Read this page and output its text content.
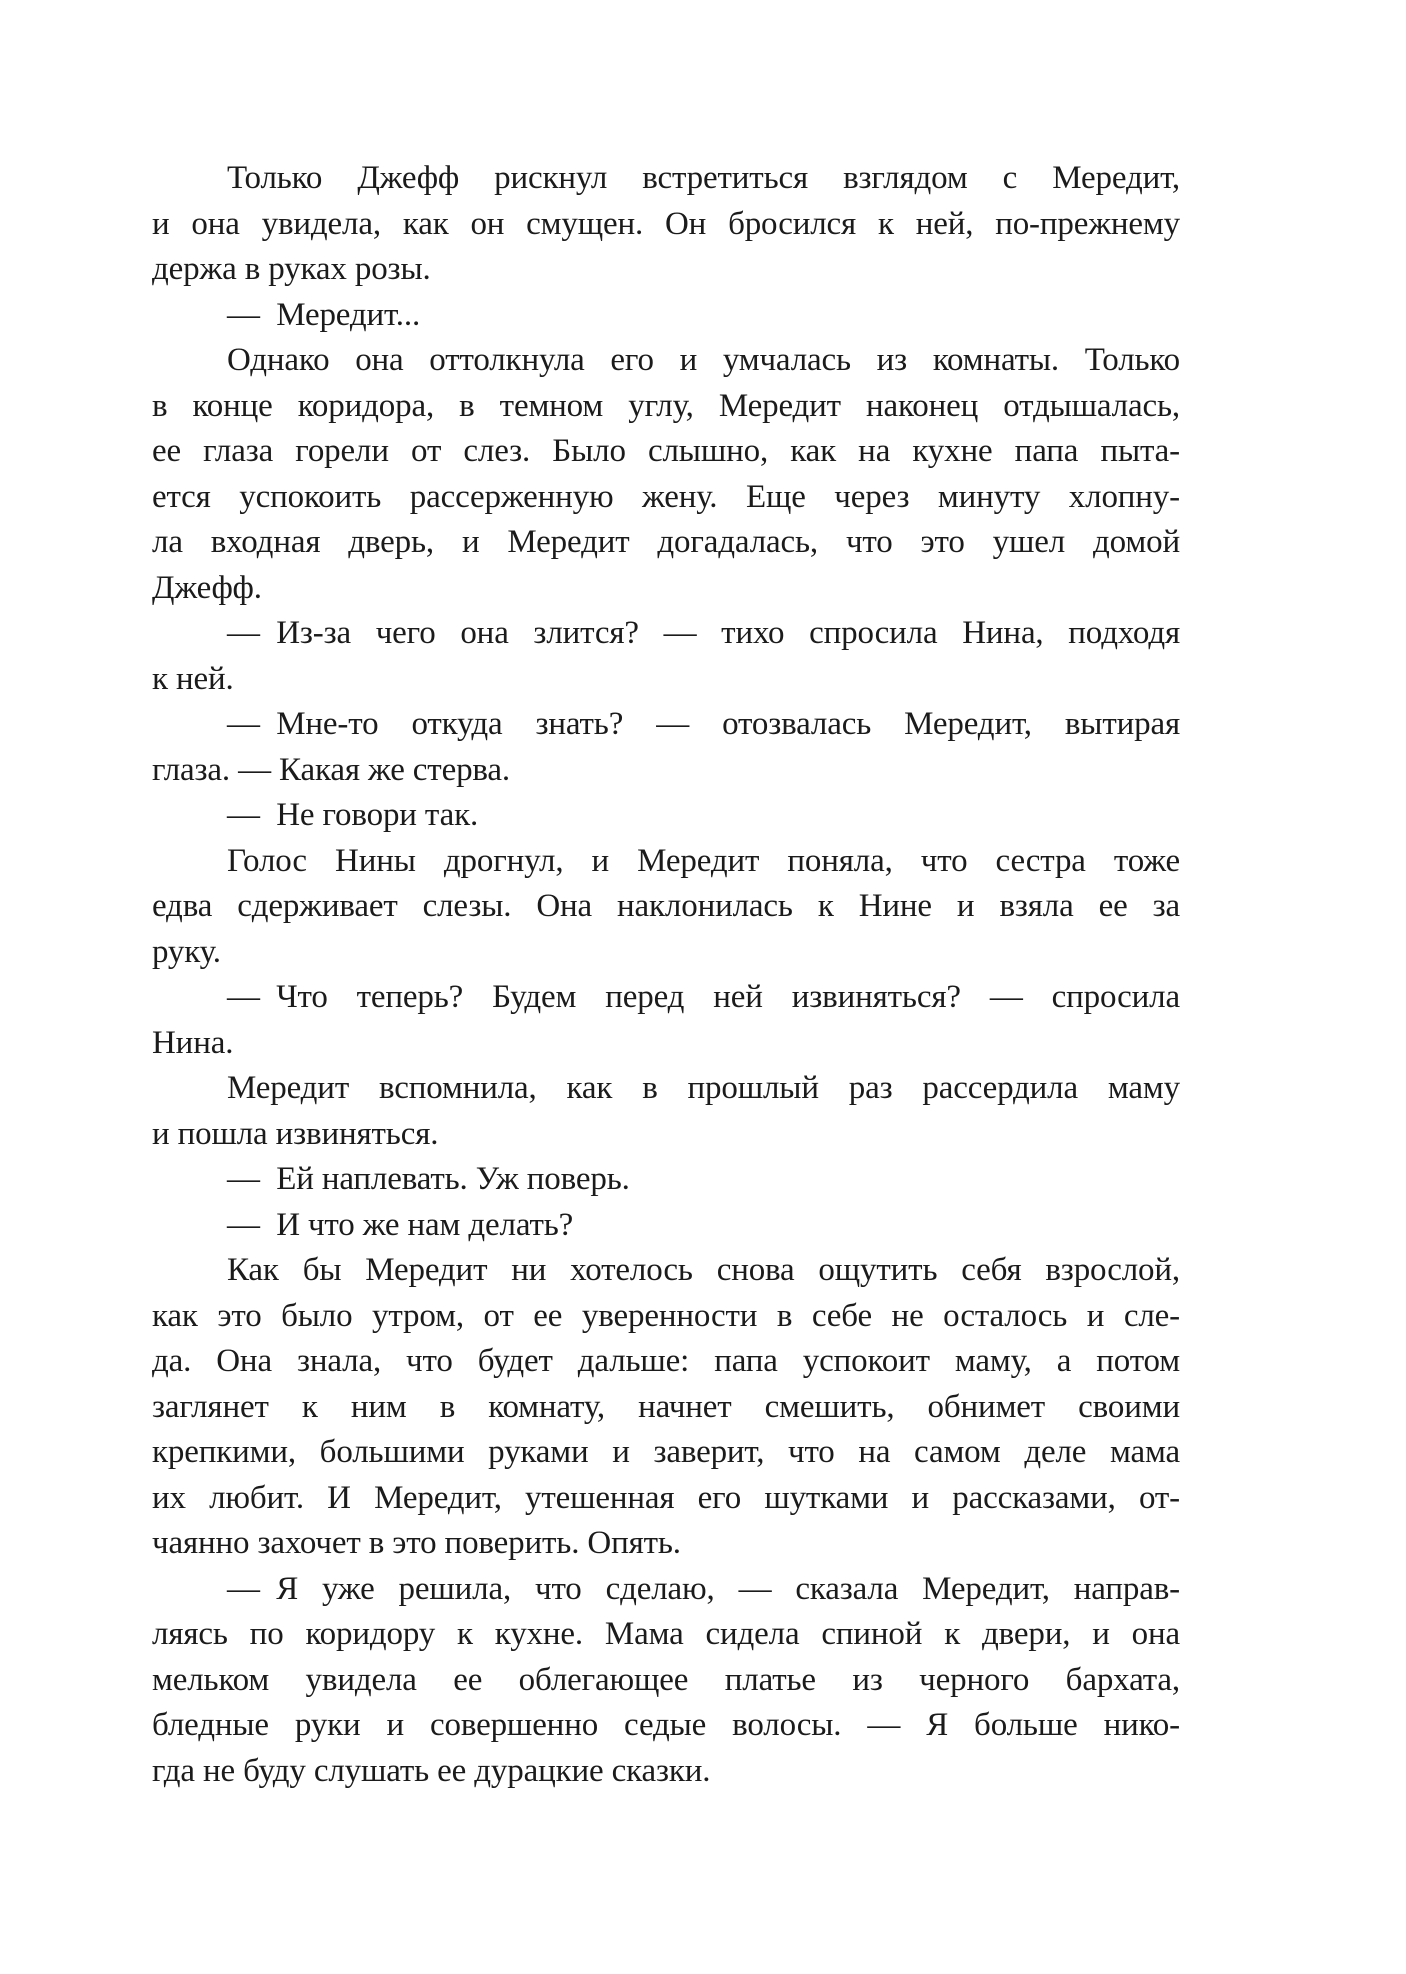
Только Джефф рискнул встретиться взглядом с Мередит,
и она увидела, как он смущен. Он бросился к ней, по-прежнему
держа в руках розы.
— Мередит...
Однако она оттолкнула его и умчалась из комнаты. Только
в конце коридора, в темном углу, Мередит наконец отдышалась,
ее глаза горели от слез. Было слышно, как на кухне папа пыта-
ется успокоить рассерженную жену. Еще через минуту хлопну-
ла входная дверь, и Мередит догадалась, что это ушел домой
Джефф.
— Из-за чего она злится? — тихо спросила Нина, подходя
к ней.
— Мне-то откуда знать? — отозвалась Мередит, вытирая
глаза. — Какая же стерва.
— Не говори так.
Голос Нины дрогнул, и Мередит поняла, что сестра тоже
едва сдерживает слезы. Она наклонилась к Нине и взяла ее за
руку.
— Что теперь? Будем перед ней извиняться? — спросила
Нина.
Мередит вспомнила, как в прошлый раз рассердила маму
и пошла извиняться.
— Ей наплевать. Уж поверь.
— И что же нам делать?
Как бы Мередит ни хотелось снова ощутить себя взрослой,
как это было утром, от ее уверенности в себе не осталось и сле-
да. Она знала, что будет дальше: папа успокоит маму, а потом
заглянет к ним в комнату, начнет смешить, обнимет своими
крепкими, большими руками и заверит, что на самом деле мама
их любит. И Мередит, утешенная его шутками и рассказами, от-
чаянно захочет в это поверить. Опять.
— Я уже решила, что сделаю, — сказала Мередит, направ-
ляясь по коридору к кухне. Мама сидела спиной к двери, и она
мельком увидела ее облегающее платье из черного бархата,
бледные руки и совершенно седые волосы. — Я больше нико-
гда не буду слушать ее дурацкие сказки.
